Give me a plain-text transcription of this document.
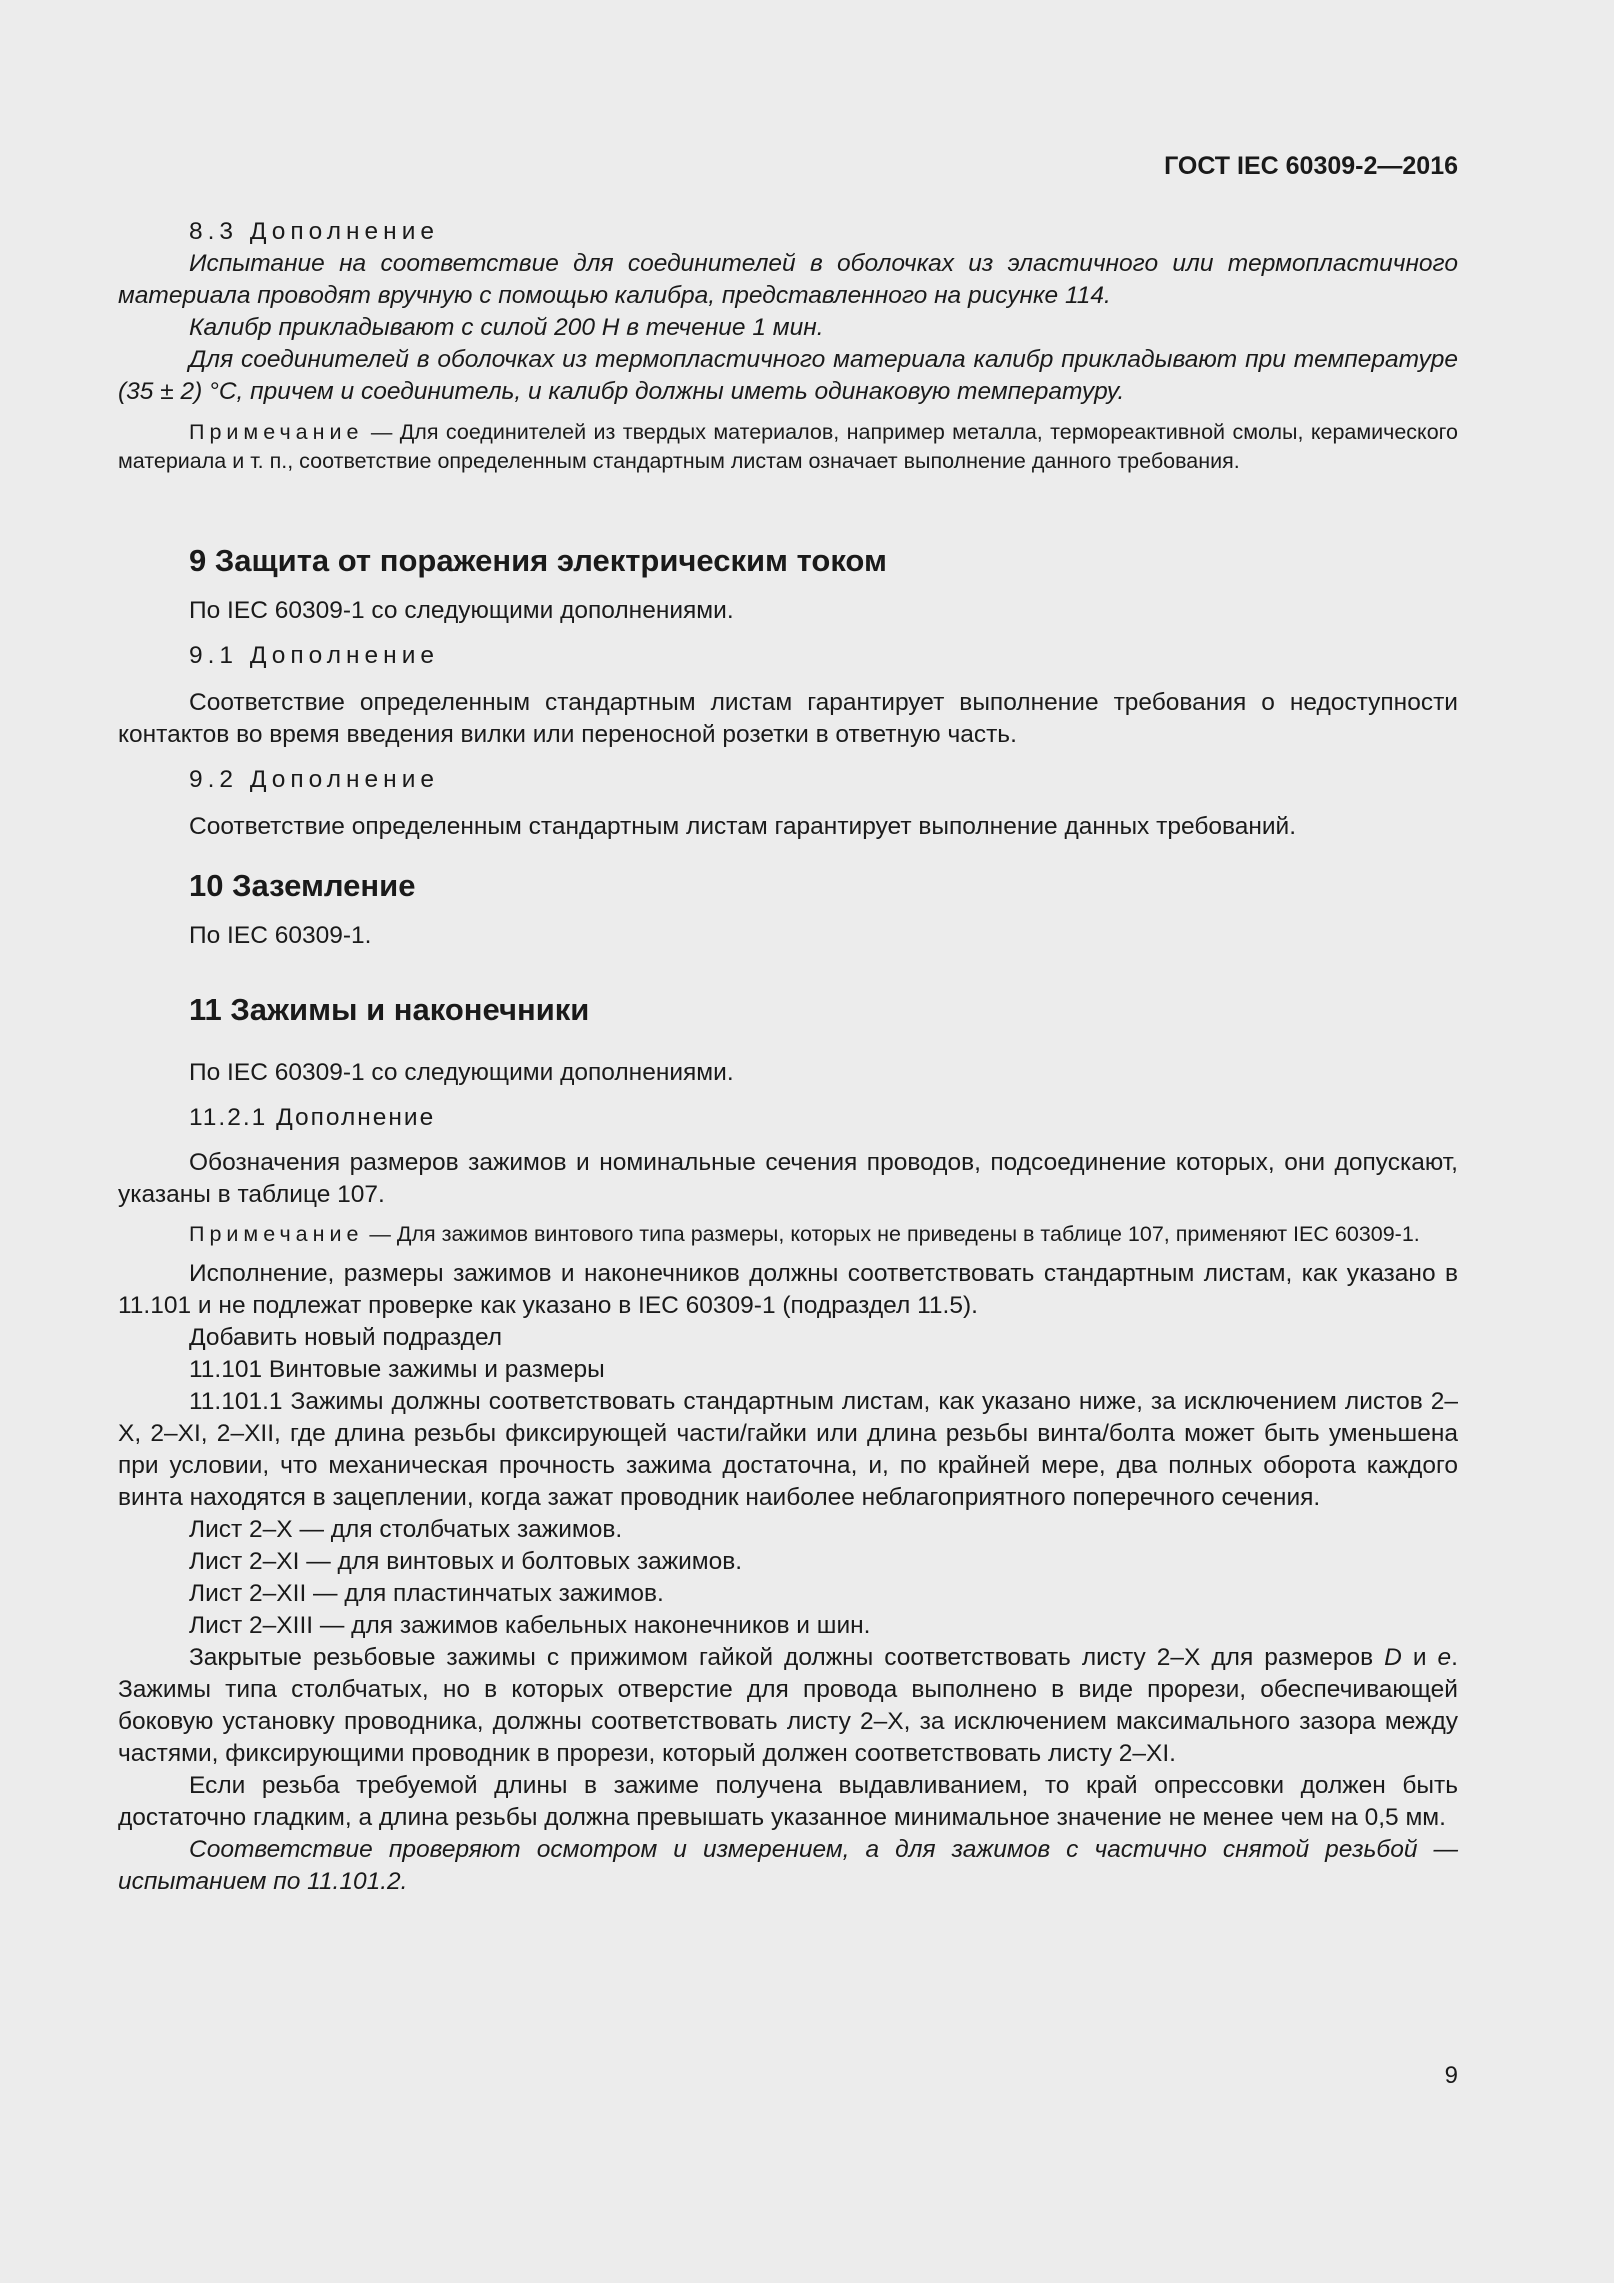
ГОСТ IEC 60309-2—2016

8.3 Дополнение

Испытание на соответствие для соединителей в оболочках из эластичного или термопластичного материала проводят вручную с помощью калибра, представленного на рисунке 114.

Калибр прикладывают с силой 200 Н в течение 1 мин.

Для соединителей в оболочках из термопластичного материала калибр прикладывают при температуре (35 ± 2) °С, причем и соединитель, и калибр должны иметь одинаковую температуру.

Примечание — Для соединителей из твердых материалов, например металла, термореактивной смолы, керамического материала и т. п., соответствие определенным стандартным листам означает выполнение данного требования.

9 Защита от поражения электрическим током

По IEC 60309-1 со следующими дополнениями.

9.1 Дополнение

Соответствие определенным стандартным листам гарантирует выполнение требования о недоступности контактов во время введения вилки или переносной розетки в ответную часть.

9.2 Дополнение

Соответствие определенным стандартным листам гарантирует выполнение данных требований.

10 Заземление

По IEC 60309-1.

11 Зажимы и наконечники

По IEC 60309-1 со следующими дополнениями.

11.2.1 Дополнение

Обозначения размеров зажимов и номинальные сечения проводов, подсоединение которых, они допускают, указаны в таблице 107.

Примечание — Для зажимов винтового типа размеры, которых не приведены в таблице 107, применяют IEC 60309-1.

Исполнение, размеры зажимов и наконечников должны соответствовать стандартным листам, как указано в 11.101 и не подлежат проверке как указано в IEC 60309-1 (подраздел 11.5).

Добавить новый подраздел

11.101 Винтовые зажимы и размеры

11.101.1 Зажимы должны соответствовать стандартным листам, как указано ниже, за исключением листов 2–X, 2–XI, 2–XII, где длина резьбы фиксирующей части/гайки или длина резьбы винта/болта может быть уменьшена при условии, что механическая прочность зажима достаточна, и, по крайней мере, два полных оборота каждого винта находятся в зацеплении, когда зажат проводник наиболее неблагоприятного поперечного сечения.

Лист 2–X — для столбчатых зажимов.

Лист 2–XI — для винтовых и болтовых зажимов.

Лист 2–XII — для пластинчатых зажимов.

Лист 2–XIII — для зажимов кабельных наконечников и шин.

Закрытые резьбовые зажимы с прижимом гайкой должны соответствовать листу 2–X для размеров D и e. Зажимы типа столбчатых, но в которых отверстие для провода выполнено в виде прорези, обеспечивающей боковую установку проводника, должны соответствовать листу 2–X, за исключением максимального зазора между частями, фиксирующими проводник в прорези, который должен соответствовать листу 2–XI.

Если резьба требуемой длины в зажиме получена выдавливанием, то край опрессовки должен быть достаточно гладким, а длина резьбы должна превышать указанное минимальное значение не менее чем на 0,5 мм.

Соответствие проверяют осмотром и измерением, а для зажимов с частично снятой резьбой — испытанием по 11.101.2.

9
